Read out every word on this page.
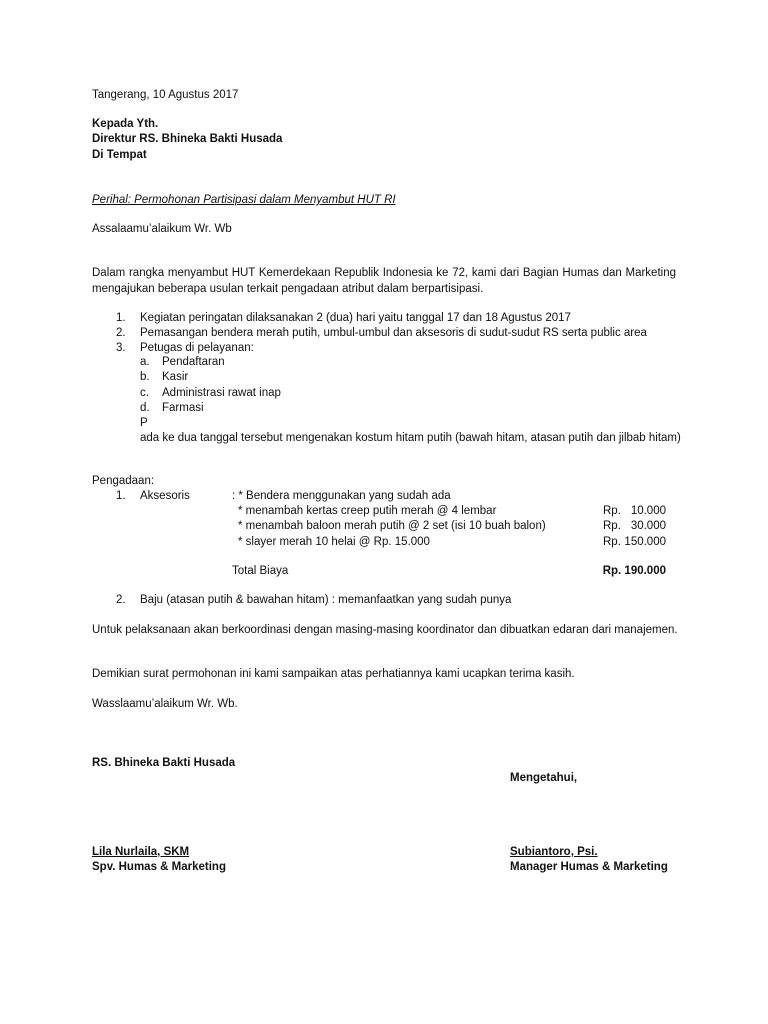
Tangerang, 10 Agustus 2017
Kepada Yth.
Direktur RS. Bhineka Bakti Husada
Di Tempat
Perihal: Permohonan Partisipasi dalam Menyambut HUT RI
Assalaamu’alaikum Wr. Wb
Dalam rangka menyambut HUT Kemerdekaan Republik Indonesia ke 72, kami dari Bagian Humas dan Marketing mengajukan beberapa usulan terkait pengadaan atribut dalam berpartisipasi.
1. Kegiatan peringatan dilaksanakan 2 (dua) hari yaitu tanggal 17 dan 18 Agustus 2017
2. Pemasangan bendera merah putih, umbul-umbul dan aksesoris di sudut-sudut RS serta public area
3. Petugas di pelayanan:
a. Pendaftaran
b. Kasir
c. Administrasi rawat inap
d. Farmasi
P
ada ke dua tanggal tersebut mengenakan kostum hitam putih (bawah hitam, atasan putih dan jilbab hitam)
Pengadaan:
1. Aksesoris	: * Bendera menggunakan yang sudah ada
* menambah kertas creep putih merah @ 4 lembar	Rp. 10.000
* menambah baloon merah putih @ 2 set (isi 10 buah balon)	Rp. 30.000
* slayer merah 10 helai @ Rp. 15.000	Rp. 150.000
Total Biaya	Rp. 190.000
2. Baju (atasan putih & bawahan hitam) : memanfaatkan yang sudah punya
Untuk pelaksanaan akan berkoordinasi dengan masing-masing koordinator dan dibuatkan edaran dari manajemen.
Demikian surat permohonan ini kami sampaikan atas perhatiannya kami ucapkan terima kasih.
Wasslaamu’alaikum Wr. Wb.
RS. Bhineka Bakti Husada
Mengetahui,
Lila Nurlaila, SKM
Spv. Humas & Marketing
Subiantoro, Psi.
Manager Humas & Marketing
